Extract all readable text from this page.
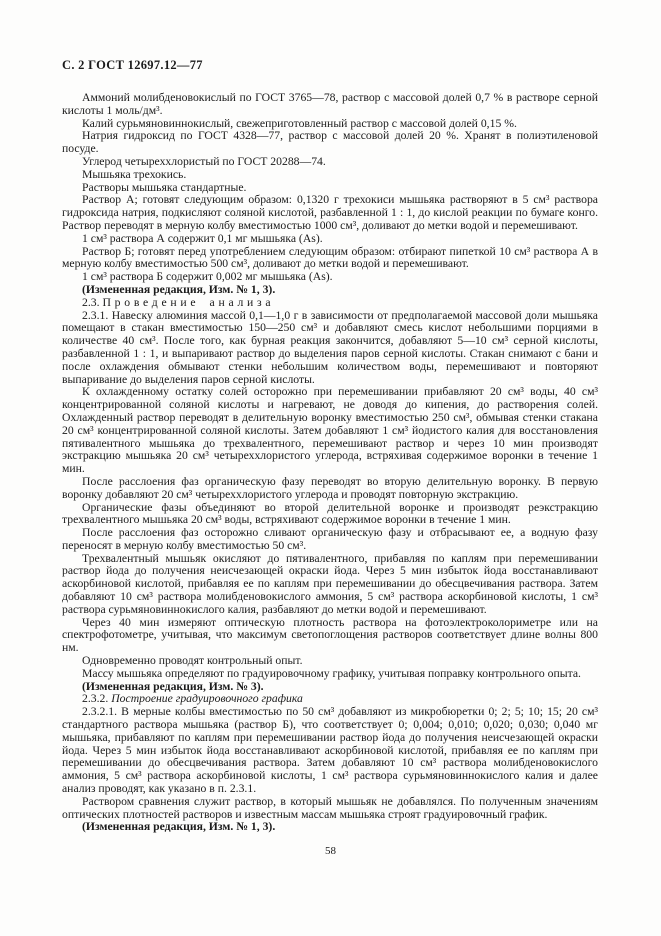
С. 2 ГОСТ 12697.12—77

Аммоний молибденовокислый по ГОСТ 3765—78, раствор с массовой долей 0,7 % в растворе серной кислоты 1 моль/дм³.

Калий сурьмяновиннокислый, свежеприготовленный раствор с массовой долей 0,15 %.

Натрия гидроксид по ГОСТ 4328—77, раствор с массовой долей 20 %. Хранят в полиэтиленовой посуде.

Углерод четыреххлористый по ГОСТ 20288—74.

Мышьяка трехокись.

Растворы мышьяка стандартные.

Раствор А; готовят следующим образом: 0,1320 г трехокиси мышьяка растворяют в 5 см³ раствора гидроксида натрия, подкисляют соляной кислотой, разбавленной 1 : 1, до кислой реакции по бумаге конго. Раствор переводят в мерную колбу вместимостью 1000 см³, доливают до метки водой и перемешивают.

1 см³ раствора А содержит 0,1 мг мышьяка (As).

Раствор Б; готовят перед употреблением следующим образом: отбирают пипеткой 10 см³ раствора А в мерную колбу вместимостью 500 см³, доливают до метки водой и перемешивают.

1 см³ раствора Б содержит 0,002 мг мышьяка (As).

(Измененная редакция, Изм. № 1, 3).

2.3. Проведение анализа

2.3.1. Навеску алюминия массой 0,1—1,0 г в зависимости от предполагаемой массовой доли мышьяка помещают в стакан вместимостью 150—250 см³ и добавляют смесь кислот небольшими порциями в количестве 40 см³. После того, как бурная реакция закончится, добавляют 5—10 см³ серной кислоты, разбавленной 1 : 1, и выпаривают раствор до выделения паров серной кислоты. Стакан снимают с бани и после охлаждения обмывают стенки небольшим количеством воды, перемешивают и повторяют выпаривание до выделения паров серной кислоты.

К охлажденному остатку солей осторожно при перемешивании прибавляют 20 см³ воды, 40 см³ концентрированной соляной кислоты и нагревают, не доводя до кипения, до растворения солей. Охлажденный раствор переводят в делительную воронку вместимостью 250 см³, обмывая стенки стакана 20 см³ концентрированной соляной кислоты. Затем добавляют 1 см³ йодистого калия для восстановления пятивалентного мышьяка до трехвалентного, перемешивают раствор и через 10 мин производят экстракцию мышьяка 20 см³ четыреххлористого углерода, встряхивая содержимое воронки в течение 1 мин.

После расслоения фаз органическую фазу переводят во вторую делительную воронку. В первую воронку добавляют 20 см³ четыреххлористого углерода и проводят повторную экстракцию.

Органические фазы объединяют во второй делительной воронке и производят реэкстракцию трехвалентного мышьяка 20 см³ воды, встряхивают содержимое воронки в течение 1 мин.

После расслоения фаз осторожно сливают органическую фазу и отбрасывают ее, а водную фазу переносят в мерную колбу вместимостью 50 см³.

Трехвалентный мышьяк окисляют до пятивалентного, прибавляя по каплям при перемешивании раствор йода до получения неисчезающей окраски йода. Через 5 мин избыток йода восстанавливают аскорбиновой кислотой, прибавляя ее по каплям при перемешивании до обесцвечивания раствора. Затем добавляют 10 см³ раствора молибденовокислого аммония, 5 см³ раствора аскорбиновой кислоты, 1 см³ раствора сурьмяновиннокислого калия, разбавляют до метки водой и перемешивают.

Через 40 мин измеряют оптическую плотность раствора на фотоэлектроколориметре или на спектрофотометре, учитывая, что максимум светопоглощения растворов соответствует длине волны 800 нм.

Одновременно проводят контрольный опыт.

Массу мышьяка определяют по градуировочному графику, учитывая поправку контрольного опыта.

(Измененная редакция, Изм. № 3).

2.3.2. Построение градуировочного графика

2.3.2.1. В мерные колбы вместимостью по 50 см³ добавляют из микробюретки 0; 2; 5; 10; 15; 20 см³ стандартного раствора мышьяка (раствор Б), что соответствует 0; 0,004; 0,010; 0,020; 0,030; 0,040 мг мышьяка, прибавляют по каплям при перемешивании раствор йода до получения неисчезающей окраски йода. Через 5 мин избыток йода восстанавливают аскорбиновой кислотой, прибавляя ее по каплям при перемешивании до обесцвечивания раствора. Затем добавляют 10 см³ раствора молибденовокислого аммония, 5 см³ раствора аскорбиновой кислоты, 1 см³ раствора сурьмяновиннокислого калия и далее анализ проводят, как указано в п. 2.3.1.

Раствором сравнения служит раствор, в который мышьяк не добавлялся. По полученным значениям оптических плотностей растворов и известным массам мышьяка строят градуировочный график.

(Измененная редакция, Изм. № 1, 3).

58
